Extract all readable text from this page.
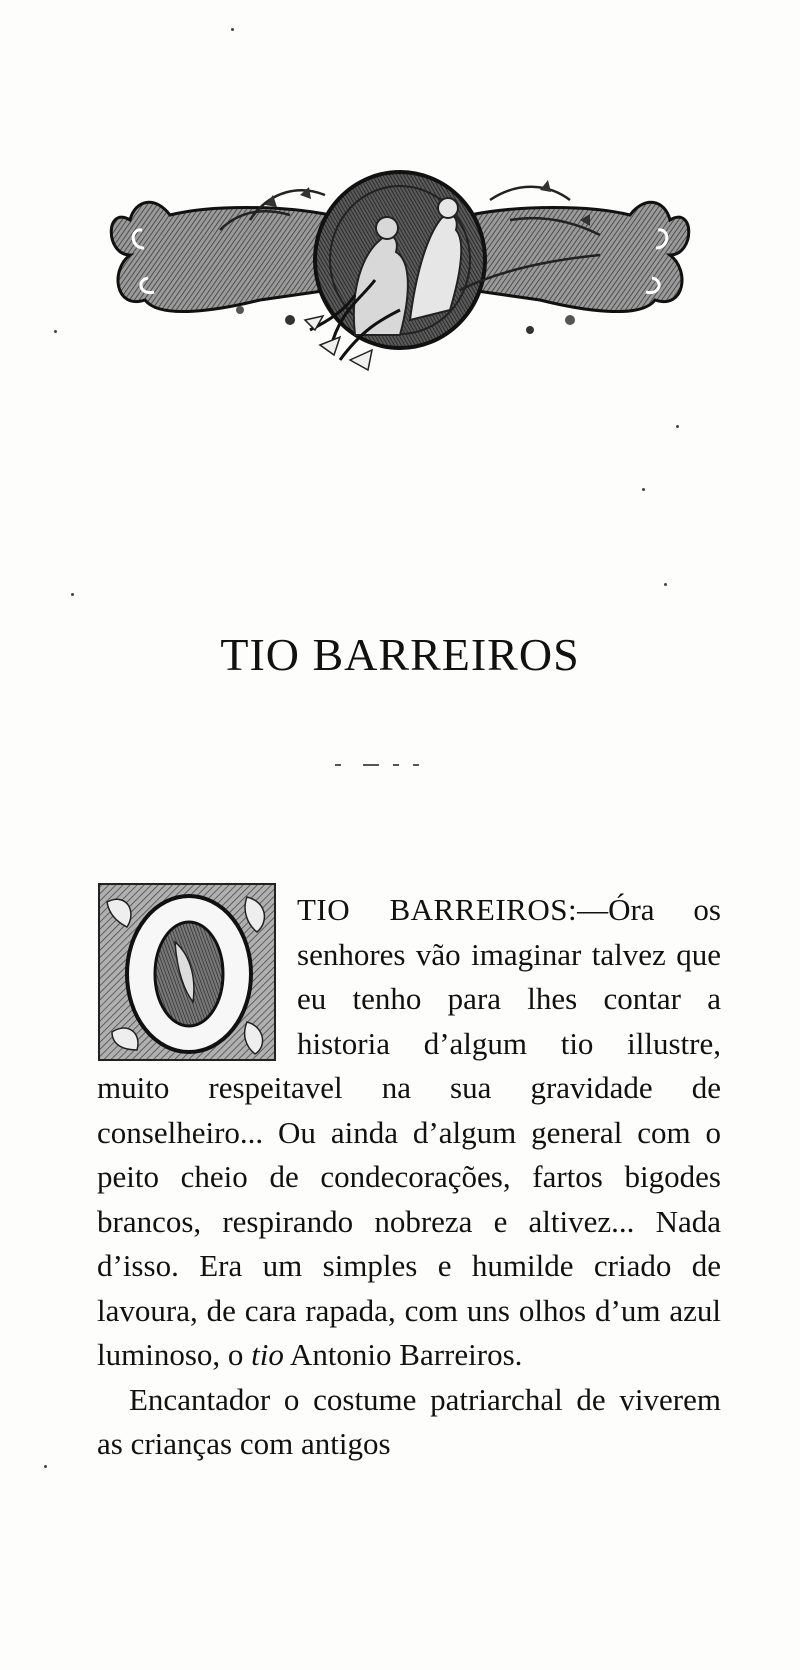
TIO BARREIROS

TIO BARREIROS:—Óra os senhores vão imaginar talvez que eu tenho para lhes contar a historia d’algum tio illustre, muito respeitavel na sua gravidade de conselheiro... Ou ainda d’algum general com o peito cheio de condecorações, fartos bigodes brancos, respirando nobreza e altivez... Nada d’isso. Era um simples e humilde criado de lavoura, de cara rapada, com uns olhos d’um azul luminoso, o tio Antonio Barreiros.

Encantador o costume patriarchal de viverem as crianças com antigos
